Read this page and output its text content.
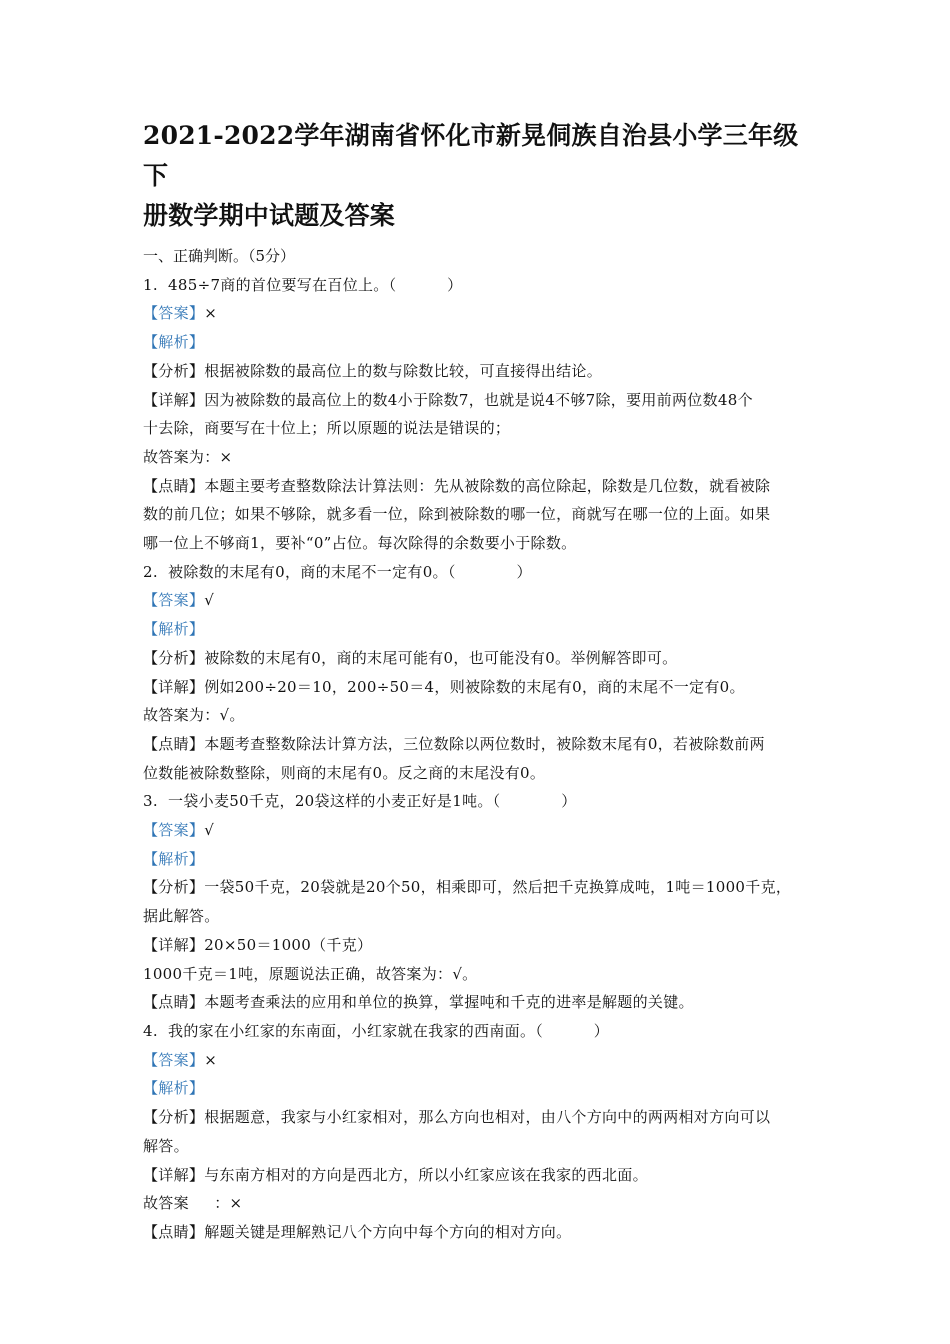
2021-2022学年湖南省怀化市新晃侗族自治县小学三年级下
册数学期中试题及答案

一、正确判断。（5分）

1.  485÷7商的首位要写在百位上。（          ）

【答案】×

【解析】

【分析】根据被除数的最高位上的数与除数比较，可直接得出结论。

【详解】因为被除数的最高位上的数4小于除数7，也就是说4不够7除，要用前两位数48个

十去除，商要写在十位上；所以原题的说法是错误的；

故答案为：×

【点睛】本题主要考查整数除法计算法则：先从被除数的高位除起，除数是几位数，就看被除

数的前几位；如果不够除，就多看一位，除到被除数的哪一位，商就写在哪一位的上面。如果

哪一位上不够商1，要补“0”占位。每次除得的余数要小于除数。

2.  被除数的末尾有0，商的末尾不一定有0。（            ）

【答案】√

【解析】

【分析】被除数的末尾有0，商的末尾可能有0，也可能没有0。举例解答即可。

【详解】例如200÷20＝10，200÷50＝4，则被除数的末尾有0，商的末尾不一定有0。

故答案为：√。

【点睛】本题考查整数除法计算方法，三位数除以两位数时，被除数末尾有0，若被除数前两

位数能被除数整除，则商的末尾有0。反之商的末尾没有0。

3.  一袋小麦50千克，20袋这样的小麦正好是1吨。（            ）

【答案】√

【解析】

【分析】一袋50千克，20袋就是20个50，相乘即可，然后把千克换算成吨，1吨＝1000千克，

据此解答。

【详解】20×50＝1000（千克）

1000千克＝1吨，原题说法正确，故答案为：√。

【点睛】本题考查乘法的应用和单位的换算，掌握吨和千克的进率是解题的关键。

4.  我的家在小红家的东南面，小红家就在我家的西南面。（          ）

【答案】×

【解析】

【分析】根据题意，我家与小红家相对，那么方向也相对，由八个方向中的两两相对方向可以

解答。

【详解】与东南方相对的方向是西北方，所以小红家应该在我家的西北面。

故答案     ：×

【点睛】解题关键是理解熟记八个方向中每个方向的相对方向。
